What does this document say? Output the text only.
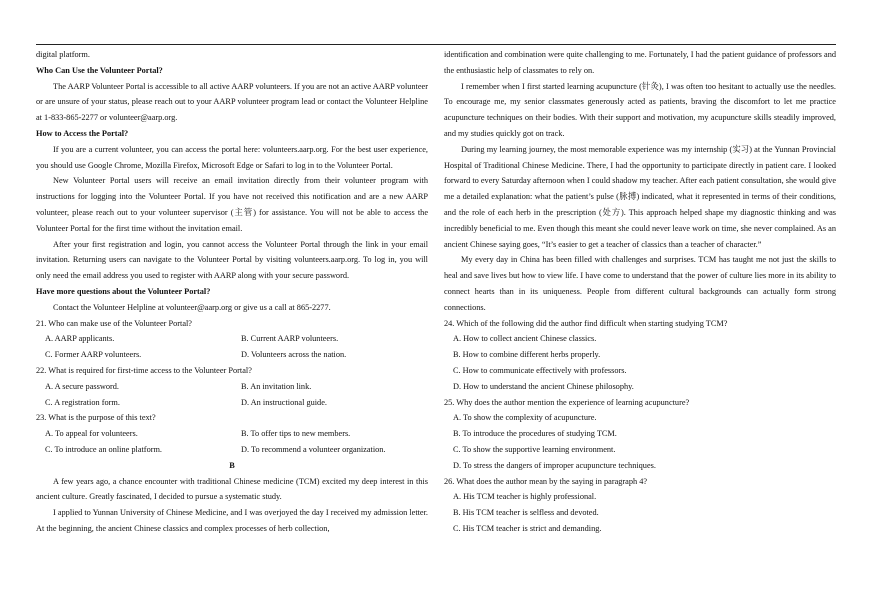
digital platform.

Who Can Use the Volunteer Portal?

The AARP Volunteer Portal is accessible to all active AARP volunteers. If you are not an active AARP volunteer or are unsure of your status, please reach out to your AARP volunteer program lead or contact the Volunteer Helpline at 1-833-865-2277 or volunteer@aarp.org.

How to Access the Portal?

If you are a current volunteer, you can access the portal here: volunteers.aarp.org. For the best user experience, you should use Google Chrome, Mozilla Firefox, Microsoft Edge or Safari to log in to the Volunteer Portal.

New Volunteer Portal users will receive an email invitation directly from their volunteer program with instructions for logging into the Volunteer Portal. If you have not received this notification and are a new AARP volunteer, please reach out to your volunteer supervisor (主管) for assistance. You will not be able to access the Volunteer Portal for the first time without the invitation email.

After your first registration and login, you cannot access the Volunteer Portal through the link in your email invitation. Returning users can navigate to the Volunteer Portal by visiting volunteers.aarp.org. To log in, you will only need the email address you used to register with AARP along with your secure password.

Have more questions about the Volunteer Portal?

Contact the Volunteer Helpline at volunteer@aarp.org or give us a call at 865-2277.

21. Who can make use of the Volunteer Portal?

A. AARP applicants.	B. Current AARP volunteers.
C. Former AARP volunteers.	D. Volunteers across the nation.

22. What is required for first-time access to the Volunteer Portal?

A. A secure password.	B. An invitation link.
C. A registration form.	D. An instructional guide.

23. What is the purpose of this text?

A. To appeal for volunteers.	B. To offer tips to new members.
C. To introduce an online platform.	D. To recommend a volunteer organization.

B

A few years ago, a chance encounter with traditional Chinese medicine (TCM) excited my deep interest in this ancient culture. Greatly fascinated, I decided to pursue a systematic study.

I applied to Yunnan University of Chinese Medicine, and I was overjoyed the day I received my admission letter. At the beginning, the ancient Chinese classics and complex processes of herb collection,

identification and combination were quite challenging to me. Fortunately, I had the patient guidance of professors and the enthusiastic help of classmates to rely on.

I remember when I first started learning acupuncture (针灸), I was often too hesitant to actually use the needles. To encourage me, my senior classmates generously acted as patients, braving the discomfort to let me practice acupuncture techniques on their bodies. With their support and motivation, my acupuncture skills steadily improved, and my studies quickly got on track.

During my learning journey, the most memorable experience was my internship (实习) at the Yunnan Provincial Hospital of Traditional Chinese Medicine. There, I had the opportunity to participate directly in patient care. I looked forward to every Saturday afternoon when I could shadow my teacher. After each patient consultation, she would give me a detailed explanation: what the patient’s pulse (脉搏) indicated, what it represented in terms of their conditions, and the role of each herb in the prescription (处方). This approach helped shape my diagnostic thinking and was incredibly beneficial to me. Even though this meant she could never leave work on time, she never complained. As an ancient Chinese saying goes, “It’s easier to get a teacher of classics than a teacher of character.”

My every day in China has been filled with challenges and surprises. TCM has taught me not just the skills to heal and save lives but how to view life. I have come to understand that the power of culture lies more in its ability to connect hearts than in its uniqueness. People from different cultural backgrounds can actually form strong connections.

24. Which of the following did the author find difficult when starting studying TCM?

A. How to collect ancient Chinese classics.

B. How to combine different herbs properly.

C. How to communicate effectively with professors.

D. How to understand the ancient Chinese philosophy.

25. Why does the author mention the experience of learning acupuncture?

A. To show the complexity of acupuncture.

B. To introduce the procedures of studying TCM.

C. To show the supportive learning environment.

D. To stress the dangers of improper acupuncture techniques.

26. What does the author mean by the saying in paragraph 4?

A. His TCM teacher is highly professional.

B. His TCM teacher is selfless and devoted.

C. His TCM teacher is strict and demanding.
